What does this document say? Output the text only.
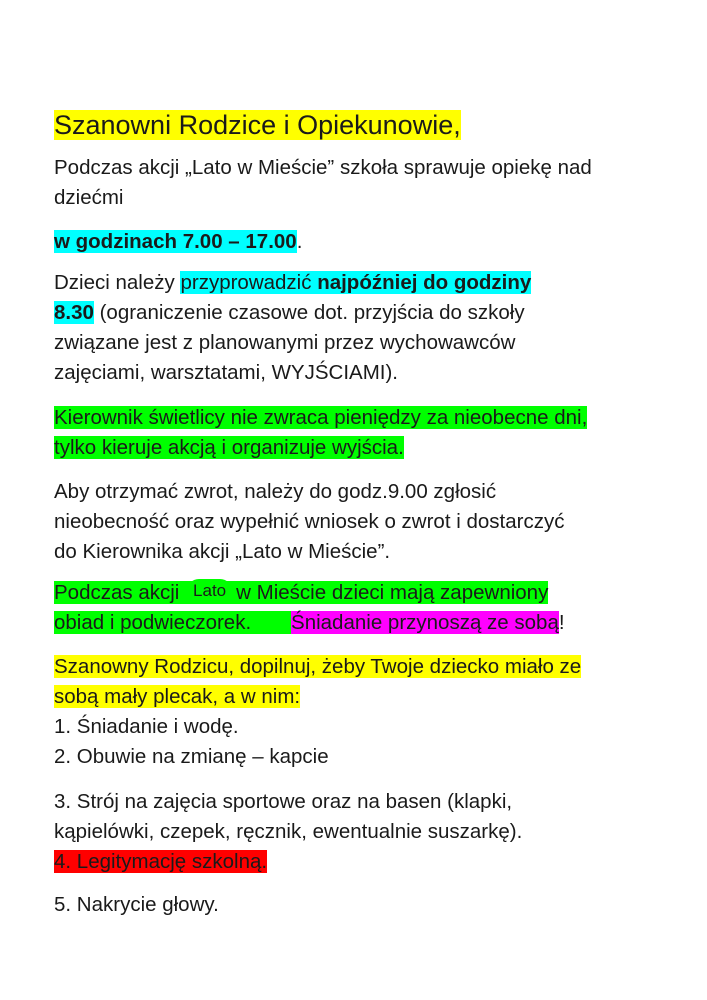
Szanowni Rodzice i Opiekunowie,
Podczas akcji „Lato w Mieście” szkoła sprawuje opiekę nad
dziećmi
w godzinach 7.00 – 17.00.
Dzieci należy przyprowadzić najpóźniej do godziny
8.30 (ograniczenie czasowe dot. przyjścia do szkoły
związane jest z planowanymi przez wychowawców
zajęciami, warsztatami, WYJŚCIAMI).
Kierownik świetlicy nie zwraca pieniędzy za nieobecne dni,
tylko kieruje akcją i organizuje wyjścia.
Aby otrzymać zwrot, należy do godz.9.00 zgłosić
nieobecność oraz wypełnić wniosek o zwrot i dostarczyć
do Kierownika akcji „Lato w Mieście”.
Podczas akcji Lato w Mieście dzieci mają zapewniony
obiad i podwieczorek. Śniadanie przynoszą ze sobą!
Szanowny Rodzicu, dopilnuj, żeby Twoje dziecko miało ze
sobą mały plecak, a w nim:
1. Śniadanie i wodę.
2. Obuwie na zmianę – kapcie
3. Strój na zajęcia sportowe oraz na basen (klapki,
kąpielówki, czepek, ręcznik, ewentualnie suszarkę).
4. Legitymację szkolną.
5. Nakrycie głowy.
